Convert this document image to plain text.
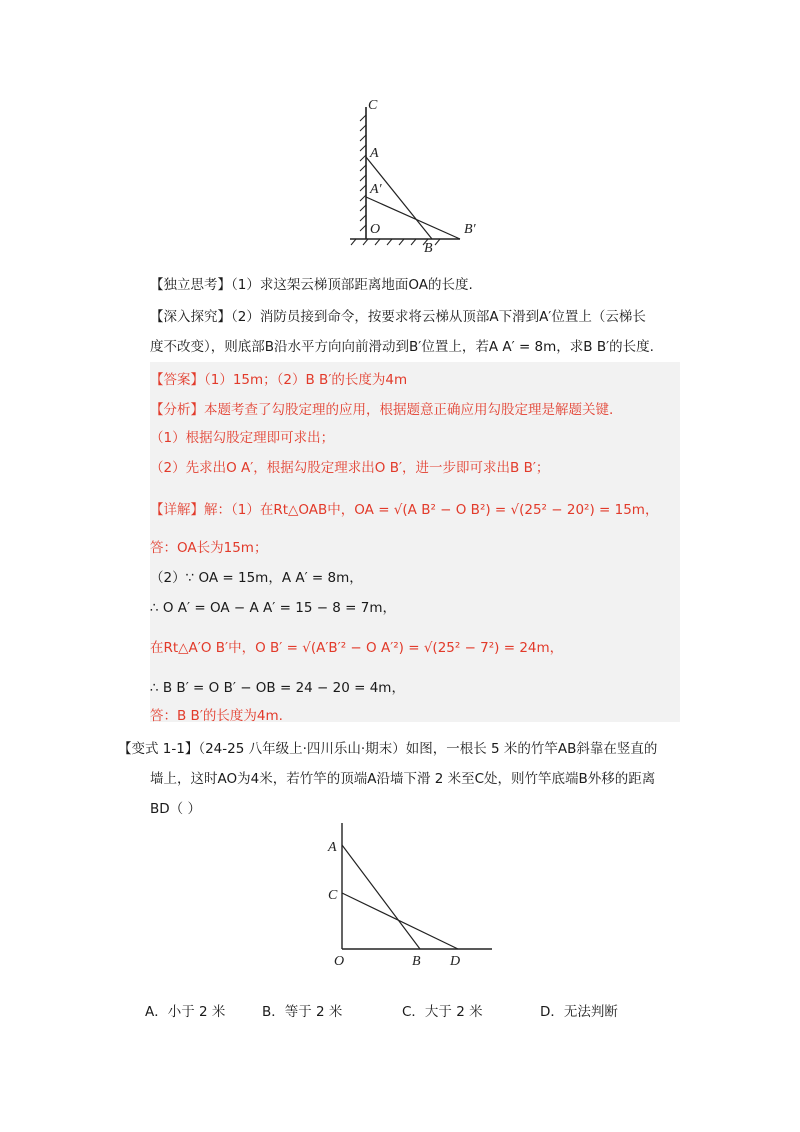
C
A
A′
O
B
B′
【独立思考】（1）求这架云梯顶部距离地面OA的长度.
【深入探究】（2）消防员接到命令，按要求将云梯从顶部A下滑到A′位置上（云梯长
度不改变），则底部B沿水平方向向前滑动到B′位置上，若A A′ = 8m，求B B′的长度.
【答案】（1）15m；（2）B B′的长度为4m
【分析】本题考查了勾股定理的应用，根据题意正确应用勾股定理是解题关键.
（1）根据勾股定理即可求出；
（2）先求出O A′，根据勾股定理求出O B′，进一步即可求出B B′；
【详解】解：（1）在Rt△OAB中，OA = √(A B² − O B²) = √(25² − 20²) = 15m，
答：OA长为15m；
（2）∵ OA = 15m，A A′ = 8m，
∴ O A′ = OA − A A′ = 15 − 8 = 7m，
在Rt△A′O B′中，O B′ = √(A′B′² − O A′²) = √(25² − 7²) = 24m，
∴ B B′ = O B′ − OB = 24 − 20 = 4m，
答：B B′的长度为4m.
【变式 1-1】（24-25 八年级上·四川乐山·期末）如图，一根长 5 米的竹竿AB斜靠在竖直的
墙上，这时AO为4米，若竹竿的顶端A沿墙下滑 2 米至C处，则竹竿底端B外移的距离
BD（ ）
A
C
O	B D
A．小于 2 米	B．等于 2 米	C．大于 2 米	D．无法判断
